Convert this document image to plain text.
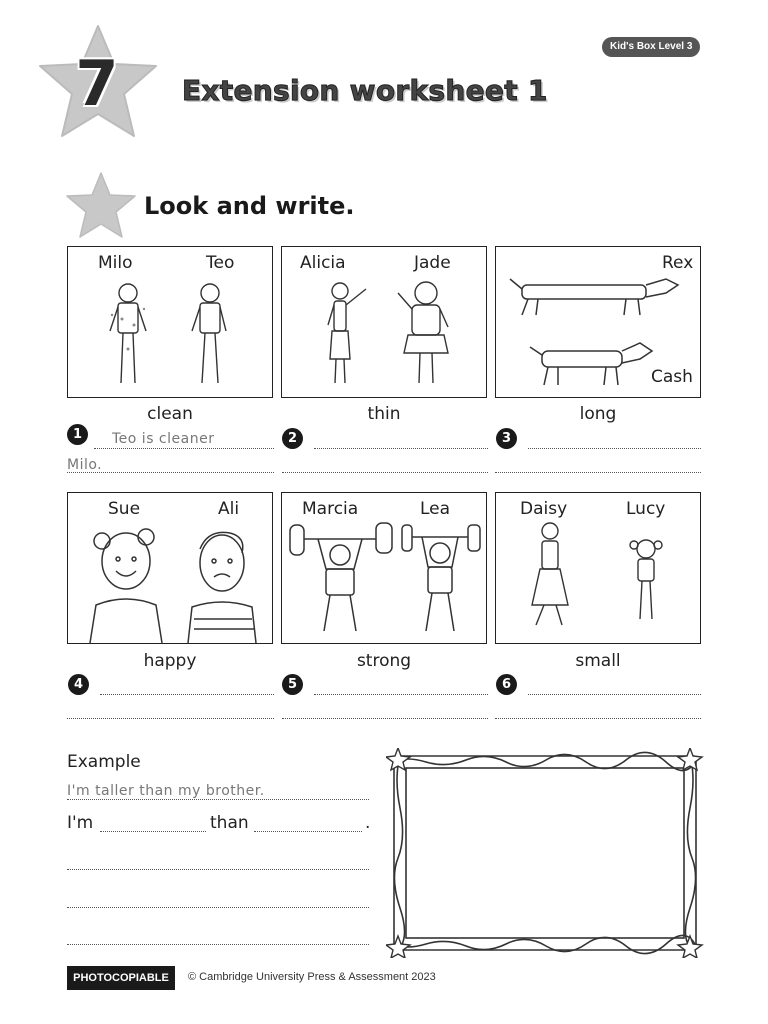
7	Extension worksheet 1
Kid's Box Level 3
Look and write.
Milo	Teo	Alicia	Jade	Rex
Cash
clean	thin	long
1	Teo is cleaner
Milo.
2	3
Sue	Ali	Marcia	Lea	Daisy	Lucy
happy	strong	small
4	5	6
Example
I'm taller than my brother.
I'm	than	.
PHOTOCOPIABLE	© Cambridge University Press & Assessment 2023
